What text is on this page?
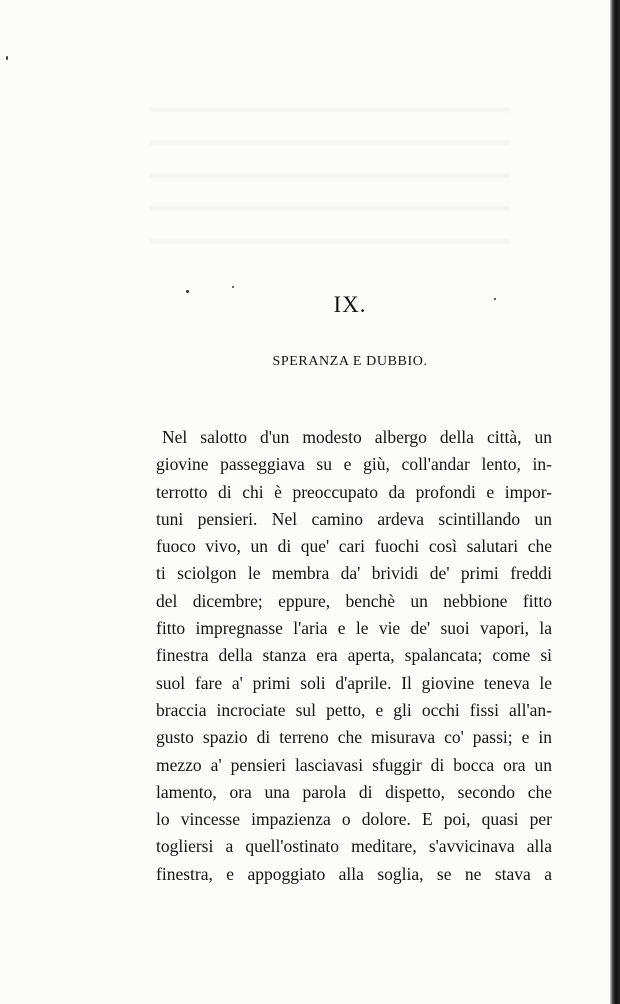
IX.
SPERANZA E DUBBIO.
Nel salotto d'un modesto albergo della città, un
giovine passeggiava su e giù, coll'andar lento, in-
terrotto di chi è preoccupato da profondi e impor-
tuni pensieri. Nel camino ardeva scintillando un
fuoco vivo, un di que' cari fuochi così salutari che
ti sciolgon le membra da' brividi de' primi freddi
del dicembre; eppure, benchè un nebbione fitto
fitto impregnasse l'aria e le vie de' suoi vapori, la
finestra della stanza era aperta, spalancata; come si
suol fare a' primi soli d'aprile. Il giovine teneva le
braccia incrociate sul petto, e gli occhi fissi all'an-
gusto spazio di terreno che misurava co' passi; e in
mezzo a' pensieri lasciavasi sfuggir di bocca ora un
lamento, ora una parola di dispetto, secondo che
lo vincesse impazienza o dolore. E poi, quasi per
togliersi a quell'ostinato meditare, s'avvicinava alla
finestra, e appoggiato alla soglia, se ne stava a
